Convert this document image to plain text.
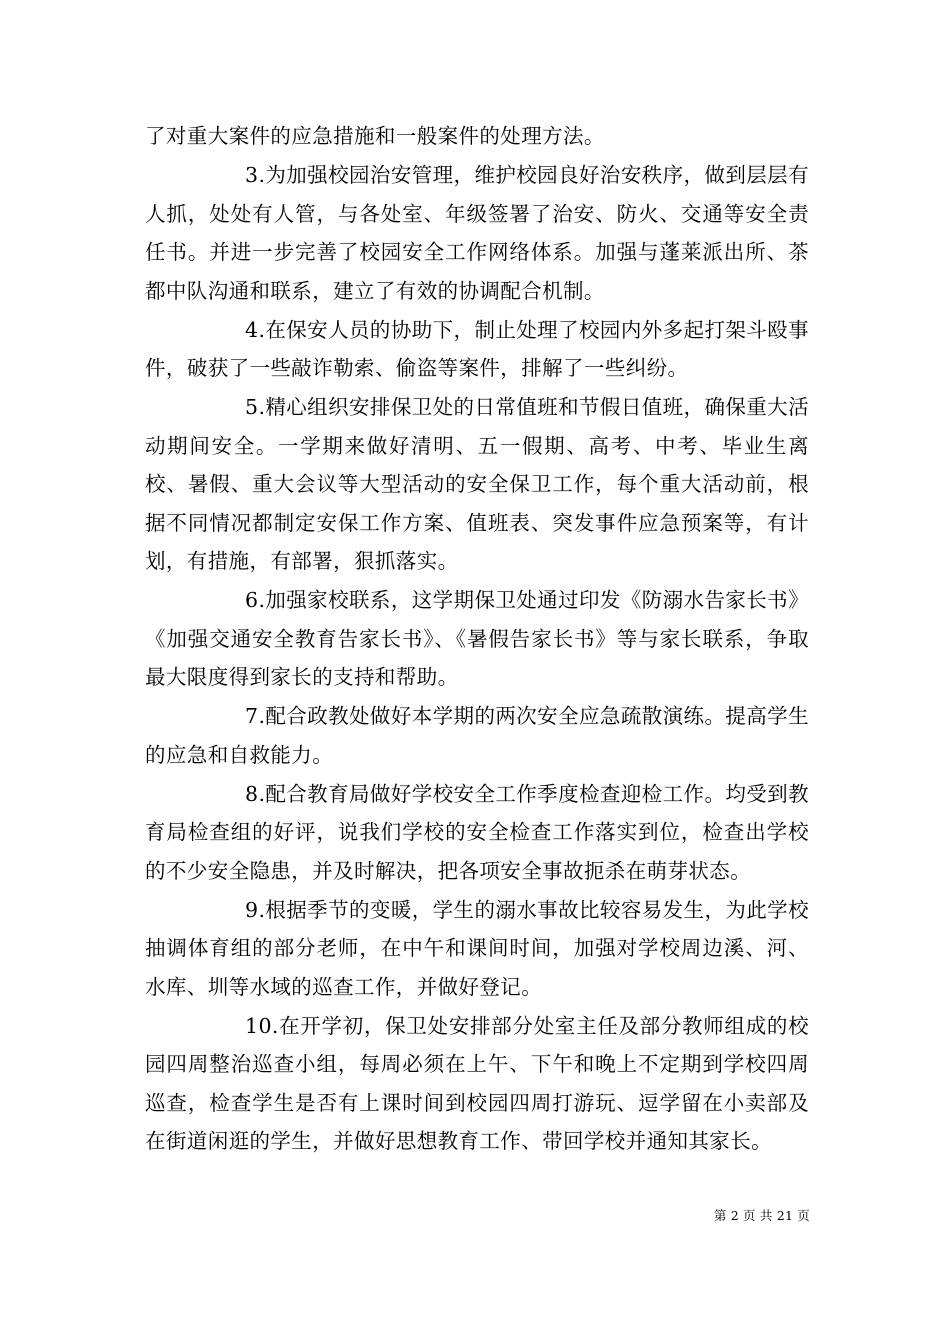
了对重大案件的应急措施和一般案件的处理方法。

3.为加强校园治安管理，维护校园良好治安秩序，做到层层有人抓，处处有人管，与各处室、年级签署了治安、防火、交通等安全责任书。并进一步完善了校园安全工作网络体系。加强与蓬莱派出所、茶都中队沟通和联系，建立了有效的协调配合机制。

4.在保安人员的协助下，制止处理了校园内外多起打架斗殴事件，破获了一些敲诈勒索、偷盗等案件，排解了一些纠纷。

5.精心组织安排保卫处的日常值班和节假日值班，确保重大活动期间安全。一学期来做好清明、五一假期、高考、中考、毕业生离校、暑假、重大会议等大型活动的安全保卫工作，每个重大活动前，根据不同情况都制定安保工作方案、值班表、突发事件应急预案等，有计划，有措施，有部署，狠抓落实。

6.加强家校联系，这学期保卫处通过印发《防溺水告家长书》《加强交通安全教育告家长书》、《暑假告家长书》等与家长联系，争取最大限度得到家长的支持和帮助。

7.配合政教处做好本学期的两次安全应急疏散演练。提高学生的应急和自救能力。

8.配合教育局做好学校安全工作季度检查迎检工作。均受到教育局检查组的好评，说我们学校的安全检查工作落实到位，检查出学校的不少安全隐患，并及时解决，把各项安全事故扼杀在萌芽状态。

9.根据季节的变暖，学生的溺水事故比较容易发生，为此学校抽调体育组的部分老师，在中午和课间时间，加强对学校周边溪、河、水库、圳等水域的巡查工作，并做好登记。

10.在开学初，保卫处安排部分处室主任及部分教师组成的校园四周整治巡查小组，每周必须在上午、下午和晚上不定期到学校四周巡查，检查学生是否有上课时间到校园四周打游玩、逗学留在小卖部及在街道闲逛的学生，并做好思想教育工作、带回学校并通知其家长。

第 2 页 共 21 页
